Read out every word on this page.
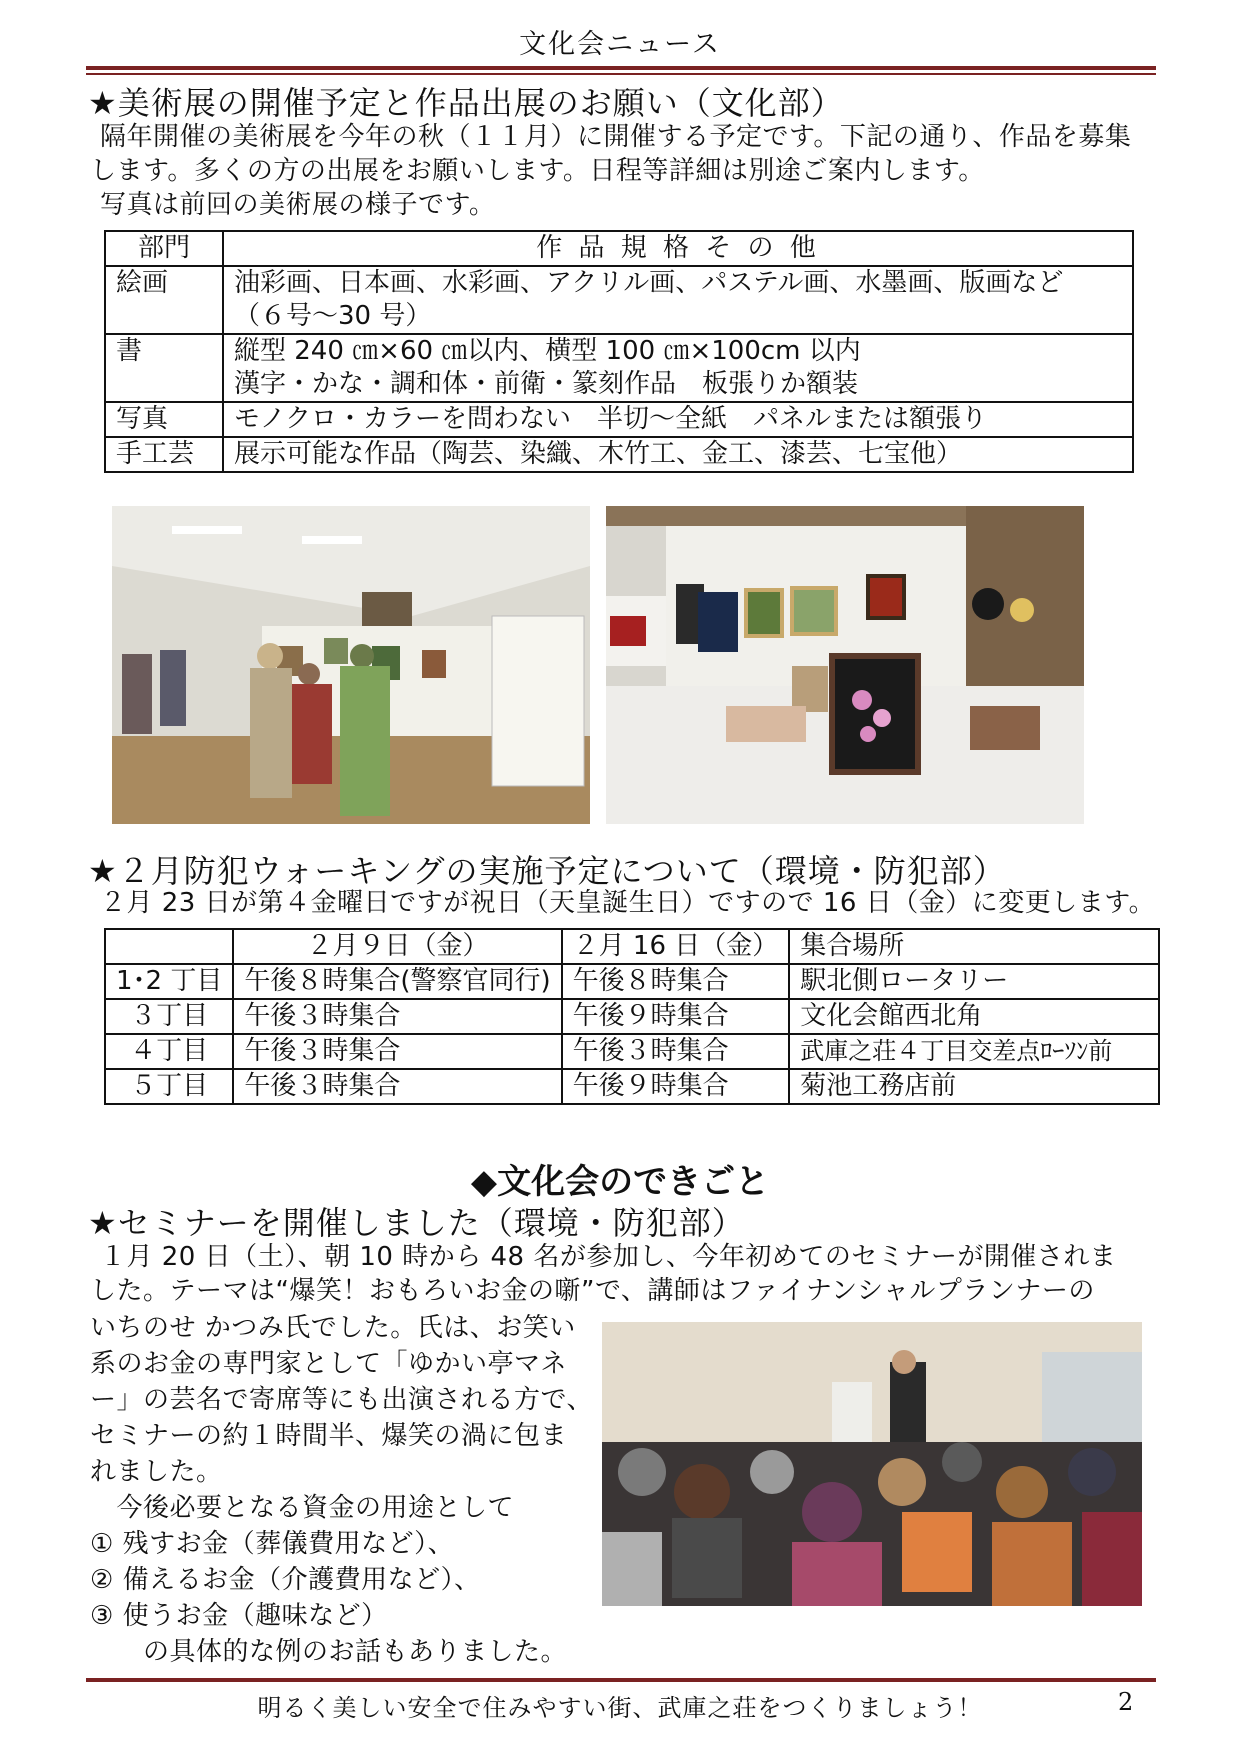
文化会ニュース
★美術展の開催予定と作品出展のお願い（文化部）
隔年開催の美術展を今年の秋（１１月）に開催する予定です。下記の通り、作品を募集
します。多くの方の出展をお願いします。日程等詳細は別途ご案内します。
写真は前回の美術展の様子です。
部門	作 品 規 格 そ の 他
絵画	油彩画、日本画、水彩画、アクリル画、パステル画、水墨画、版画など
（６号～30 号）

書	縦型 240 ㎝×60 ㎝以内、横型 100 ㎝×100cm 以内
漢字・かな・調和体・前衛・篆刻作品　板張りか額装

写真	モノクロ・カラーを問わない　半切～全紙　パネルまたは額張り

手工芸	展示可能な作品（陶芸、染織、木竹工、金工、漆芸、七宝他）
★２月防犯ウォーキングの実施予定について（環境・防犯部）
２月 23 日が第４金曜日ですが祝日（天皇誕生日）ですので 16 日（金）に変更します。
	２月９日（金）	２月 16 日（金）	集合場所
1･2 丁目	午後８時集合(警察官同行)	午後８時集合	駅北側ロータリー
３丁目	午後３時集合	午後９時集合	文化会館西北角
４丁目	午後３時集合	午後３時集合	武庫之荘４丁目交差点ﾛｰｿﾝ前
５丁目	午後３時集合	午後９時集合	菊池工務店前
◆文化会のできごと
★セミナーを開催しました（環境・防犯部）
１月 20 日（土）、朝 10 時から 48 名が参加し、今年初めてのセミナーが開催されま
した。テーマは“爆笑！おもろいお金の噺”で、講師はファイナンシャルプランナーの
いちのせ かつみ氏でした。氏は、お笑い
系のお金の専門家として「ゆかい亭マネ
ー」の芸名で寄席等にも出演される方で、
セミナーの約１時間半、爆笑の渦に包ま
れました。
　今後必要となる資金の用途として
① 残すお金（葬儀費用など）、
② 備えるお金（介護費用など）、
③ 使うお金（趣味など）
　　の具体的な例のお話もありました。
明るく美しい安全で住みやすい街、武庫之荘をつくりましょう！	2
